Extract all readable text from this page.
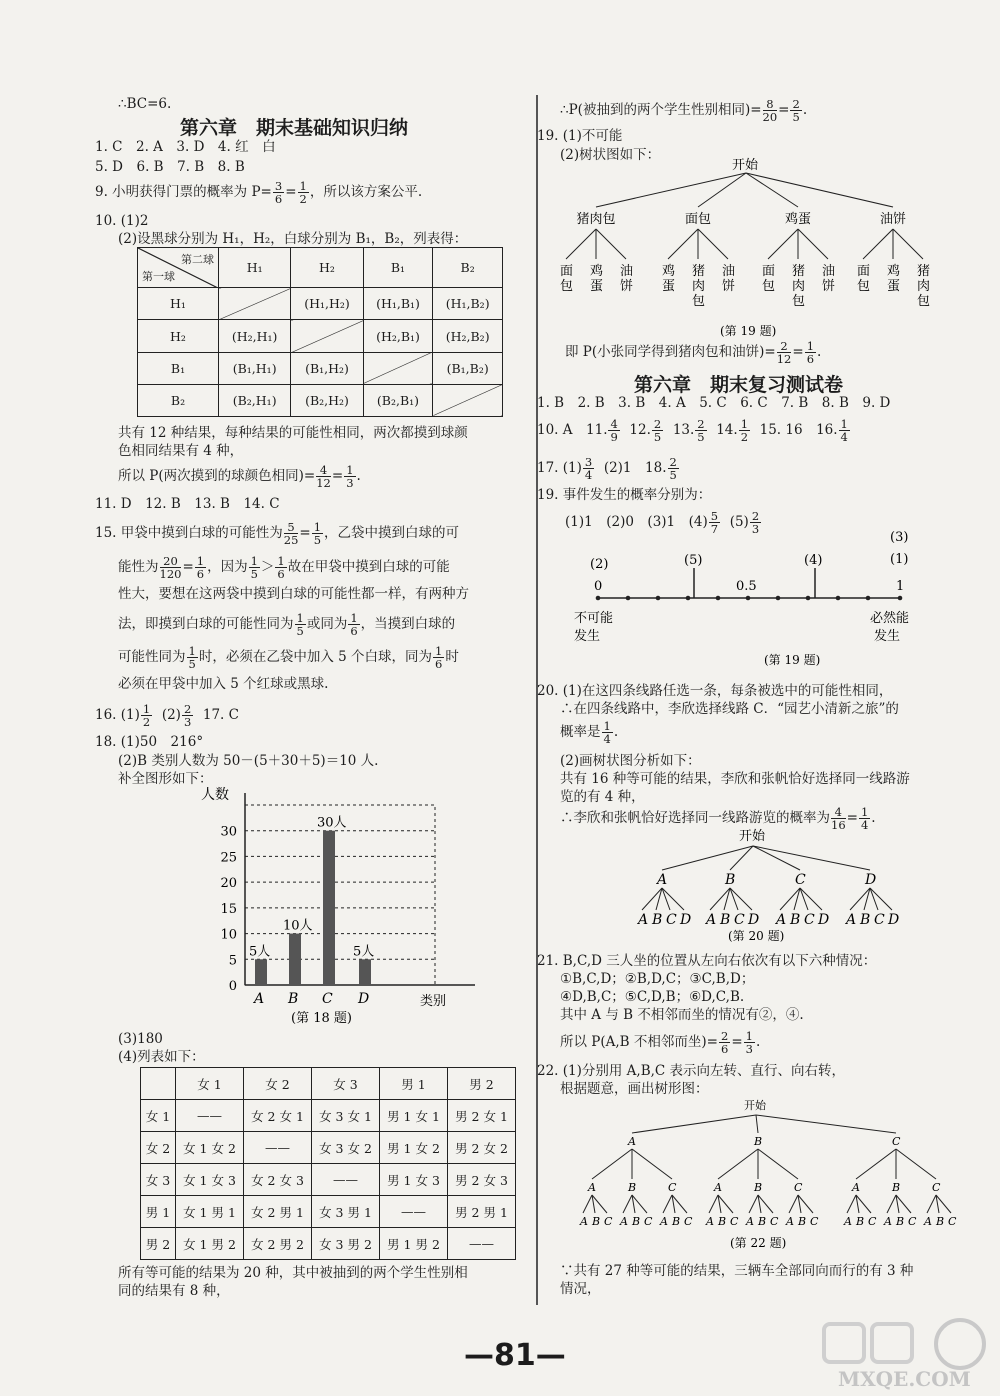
∴BC=6.
第六章　期末基础知识归纳
1. C　2. A　3. D　4. 红　白
5. D　6. B　7. B　8. B
9. 小明获得门票的概率为 $P= \frac{3}{6} = \frac{1}{2}$ ，所以该方案公平.
10. (1)2
(2)设黑球分别为 H₁，H₂，白球分别为 B₁，B₂，列表得：
第二球
第一球	H₁	H₂	B₁	B₂
H₁		(H₁,H₂)	(H₁,B₁)	(H₁,B₂)
H₂	(H₂,H₁)		(H₂,B₁)	(H₂,B₂)
B₁	(B₁,H₁)	(B₁,H₂)		(B₁,B₂)
B₂	(B₂,H₁)	(B₂,H₂)	(B₂,B₁)	
共有 12 种结果，每种结果的可能性相同，两次都摸到球颜
色相同结果有 4 种，
所以 P(两次摸到的球颜色相同)= $\frac{4}{12} = \frac{1}{3}$ .
11. D　12. B　13. B　14. C
15. 甲袋中摸到白球的可能性为 $\frac{5}{25} = \frac{1}{5}$ ，乙袋中摸到白球的可
能性为 $\frac{20}{120} = \frac{1}{6}$ ，因为 $\frac{1}{5} > \frac{1}{6}$ 故在甲袋中摸到白球的可能
性大，要想在这两袋中摸到白球的可能性都一样，有两种方
法，即摸到白球的可能性同为 $\frac{1}{5}$ 或同为 $\frac{1}{6}$ ，当摸到白球的
可能性同为 $\frac{1}{5}$ 时，必须在乙袋中加入 5 个白球，同为 $\frac{1}{6}$ 时
必须在甲袋中加入 5 个红球或黑球.
16. $(1) \frac{1}{2} (2) \frac{2}{3} 17$. C
18. (1)50　216°
(2)B 类别人数为 50－(5＋30＋5)＝10 人.
补全图形如下：
0
5
10
15
20
25
30
人数
类别
A
5人
B
10人
C
30人
D
5人
(第 18 题)
(3)180
(4)列表如下：
	女 1	女 2	女 3	男 1	男 2
女 1	——	女 2 女 1	女 3 女 1	男 1 女 1	男 2 女 1
女 2	女 1 女 2	——	女 3 女 2	男 1 女 2	男 2 女 2
女 3	女 1 女 3	女 2 女 3	——	男 1 女 3	男 2 女 3
男 1	女 1 男 1	女 2 男 1	女 3 男 1	——	男 2 男 1
男 2	女 1 男 2	女 2 男 2	女 3 男 2	男 1 男 2	——
所有等可能的结果为 20 种，其中被抽到的两个学生性别相
同的结果有 8 种，
∴P(被抽到的两个学生性别相同)= $\frac{8}{20} = \frac{2}{5}$ .
19. (1)不可能
(2)树状图如下：
开始
猪肉包
面
包
鸡
蛋
油
饼
面包
鸡
蛋
猪
肉
包
油
饼
鸡蛋
面
包
猪
肉
包
油
饼
油饼
面
包
鸡
蛋
猪
肉
包
(第 19 题)
即 P(小张同学得到猪肉包和油饼)= $\frac{2}{12} = \frac{1}{6}$ .
第六章　期末复习测试卷
1. B　2. B　3. B　4. A　5. C　6. C　7. B　8. B　9. D
10. A　11. $\frac{4}{9} 12$. $\frac{2}{5} 13$. $\frac{2}{5} 14$. $\frac{1}{2} 15$. 16　16. $\frac{1}{4}$
17. $(1) \frac{3}{4} (2)1$　18. $\frac{2}{5}$
19. 事件发生的概率分别为：
(1)1　(2)0　(3)1　$(4) \frac{5}{7} (5) \frac{2}{3}$
(第 19 题)
(2)	(5)	(4)
(3)
(1)
0	0.5	1
不可能
发生
必然能
发生
20. (1)在这四条线路任选一条，每条被选中的可能性相同，
∴在四条线路中，李欣选择线路 C．“园艺小清新之旅”的
概率是 $\frac{1}{4}$ .
(2)画树状图分析如下：
共有 16 种等可能的结果，李欣和张帆恰好选择同一线路游
览的有 4 种，
∴李欣和张帆恰好选择同一线路游览的概率为 $\frac{4}{16} = \frac{1}{4}$ .
开始
A
A B C D
B
A B C D
C
A B C D
D
A B C D
(第 20 题)
21. B,C,D 三人坐的位置从左向右依次有以下六种情况：
①B,C,D；②B,D,C；③C,B,D；
④D,B,C；⑤C,D,B；⑥D,C,B.
其中 A 与 B 不相邻而坐的情况有②，④.
所以 P(A,B 不相邻而坐)= $\frac{2}{6} = \frac{1}{3}$ .
22. (1)分别用 A,B,C 表示向左转、直行、向右转，
根据题意，画出树形图：
开始
A
A
A B C
B
A B C
C
A B C
B
A
A B C
B
A B C
C
A B C
C
A
A B C
B
A B C
C
A B C
(第 22 题)
∵共有 27 种等可能的结果，三辆车全部同向而行的有 3 种
情况，
—81—
MXQE.COM
